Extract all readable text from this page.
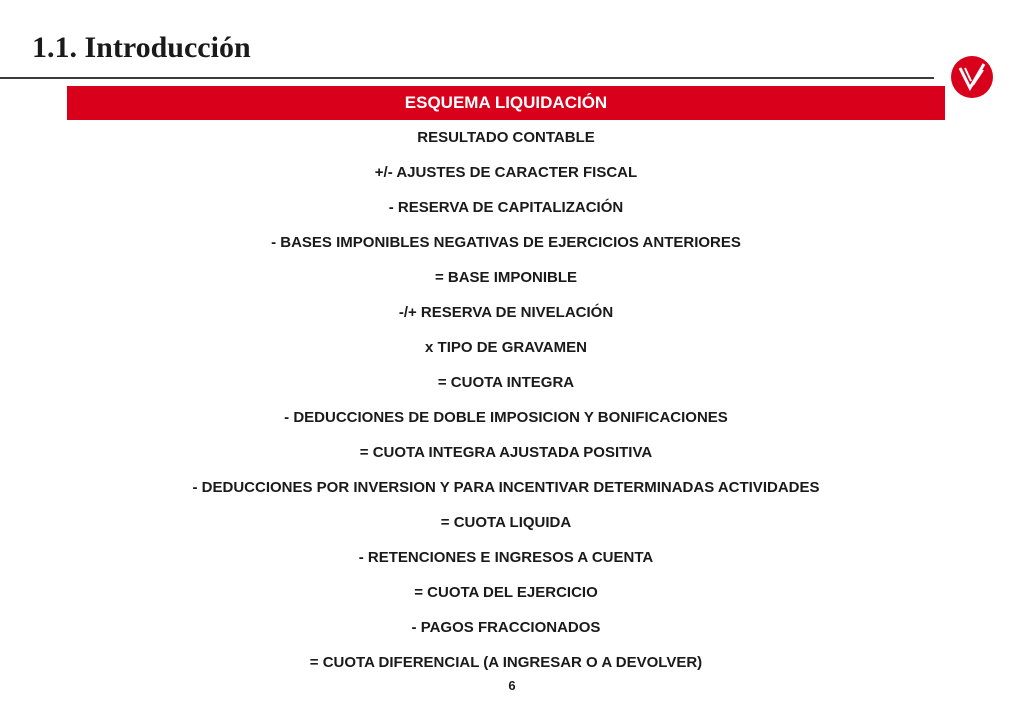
1.1. Introducción
ESQUEMA LIQUIDACIÓN
RESULTADO CONTABLE
+/- AJUSTES DE CARACTER FISCAL
- RESERVA DE CAPITALIZACIÓN
- BASES IMPONIBLES NEGATIVAS DE EJERCICIOS ANTERIORES
= BASE IMPONIBLE
-/+ RESERVA DE NIVELACIÓN
x TIPO DE GRAVAMEN
= CUOTA INTEGRA
- DEDUCCIONES DE DOBLE IMPOSICION Y BONIFICACIONES
= CUOTA INTEGRA AJUSTADA POSITIVA
- DEDUCCIONES POR INVERSION Y PARA INCENTIVAR DETERMINADAS ACTIVIDADES
= CUOTA LIQUIDA
- RETENCIONES E INGRESOS A CUENTA
= CUOTA DEL EJERCICIO
- PAGOS FRACCIONADOS
= CUOTA DIFERENCIAL (A INGRESAR O A DEVOLVER)
6
